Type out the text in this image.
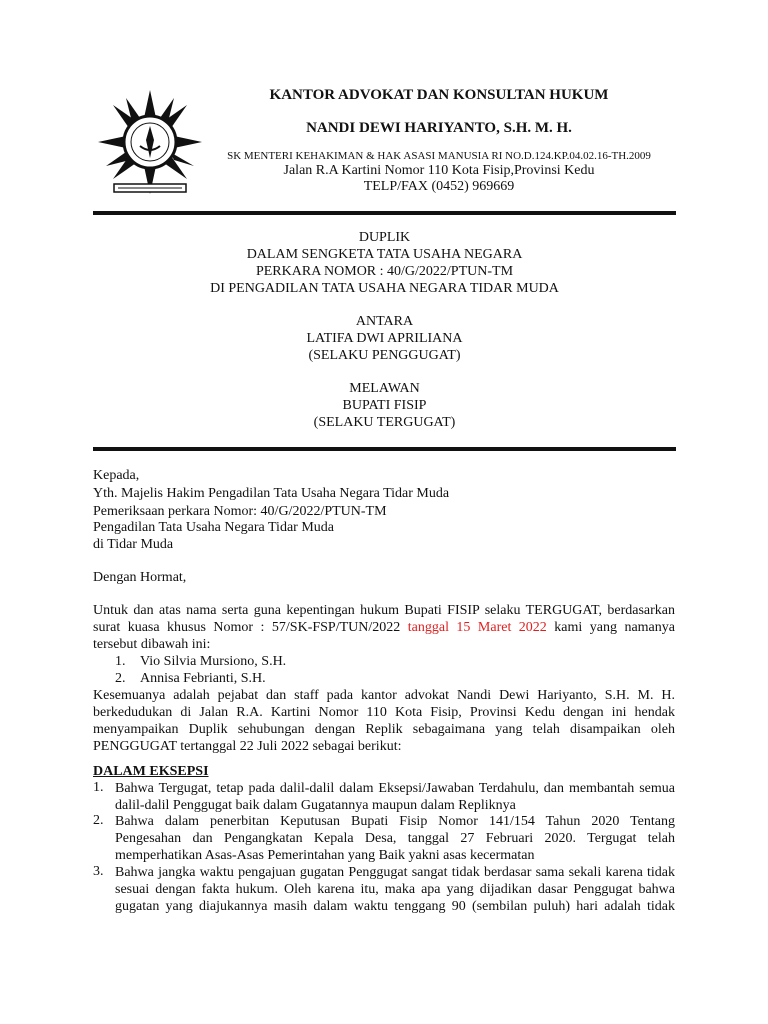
KANTOR ADVOKAT DAN KONSULTAN HUKUM
NANDI DEWI HARIYANTO, S.H. M. H.
SK MENTERI KEHAKIMAN & HAK ASASI MANUSIA RI NO.D.124.KP.04.02.16-TH.2009
Jalan R.A Kartini Nomor 110 Kota Fisip,Provinsi Kedu
TELP/FAX (0452) 969669
DUPLIK
DALAM SENGKETA TATA USAHA NEGARA
PERKARA NOMOR : 40/G/2022/PTUN-TM
DI PENGADILAN TATA USAHA NEGARA TIDAR MUDA
ANTARA
LATIFA DWI APRILIANA
(SELAKU PENGGUGAT)
MELAWAN
BUPATI FISIP
(SELAKU TERGUGAT)
Kepada,
Yth. Majelis Hakim Pengadilan Tata Usaha Negara Tidar Muda
Pemeriksaan perkara Nomor: 40/G/2022/PTUN-TM
Pengadilan Tata Usaha Negara Tidar Muda
di Tidar Muda
Dengan Hormat,
Untuk dan atas nama serta guna kepentingan hukum Bupati FISIP selaku TERGUGAT, berdasarkan
surat kuasa khusus Nomor : 57/SK-FSP/TUN/2022 tanggal 15 Maret 2022 kami yang namanya
tersebut dibawah ini:
1. Vio Silvia Mursiono, S.H.
2. Annisa Febrianti, S.H.
Kesemuanya adalah pejabat dan staff pada kantor advokat Nandi Dewi Hariyanto, S.H. M. H.
berkedudukan di Jalan R.A. Kartini Nomor 110 Kota Fisip, Provinsi Kedu dengan ini hendak
menyampaikan Duplik sehubungan dengan Replik sebagaimana yang telah disampaikan oleh
PENGGUGAT tertanggal 22 Juli 2022 sebagai berikut:
DALAM EKSEPSI
1. Bahwa Tergugat, tetap pada dalil-dalil dalam Eksepsi/Jawaban Terdahulu, dan membantah semua
dalil-dalil Penggugat baik dalam Gugatannya maupun dalam Repliknya
2. Bahwa dalam penerbitan Keputusan Bupati Fisip Nomor 141/154 Tahun 2020 Tentang
Pengesahan dan Pengangkatan Kepala Desa, tanggal 27 Februari 2020. Tergugat telah
memperhatikan Asas-Asas Pemerintahan yang Baik yakni asas kecermatan
3. Bahwa jangka waktu pengajuan gugatan Penggugat sangat tidak berdasar sama sekali karena tidak
sesuai dengan fakta hukum. Oleh karena itu, maka apa yang dijadikan dasar Penggugat bahwa
gugatan yang diajukannya masih dalam waktu tenggang 90 (sembilan puluh) hari adalah tidak
